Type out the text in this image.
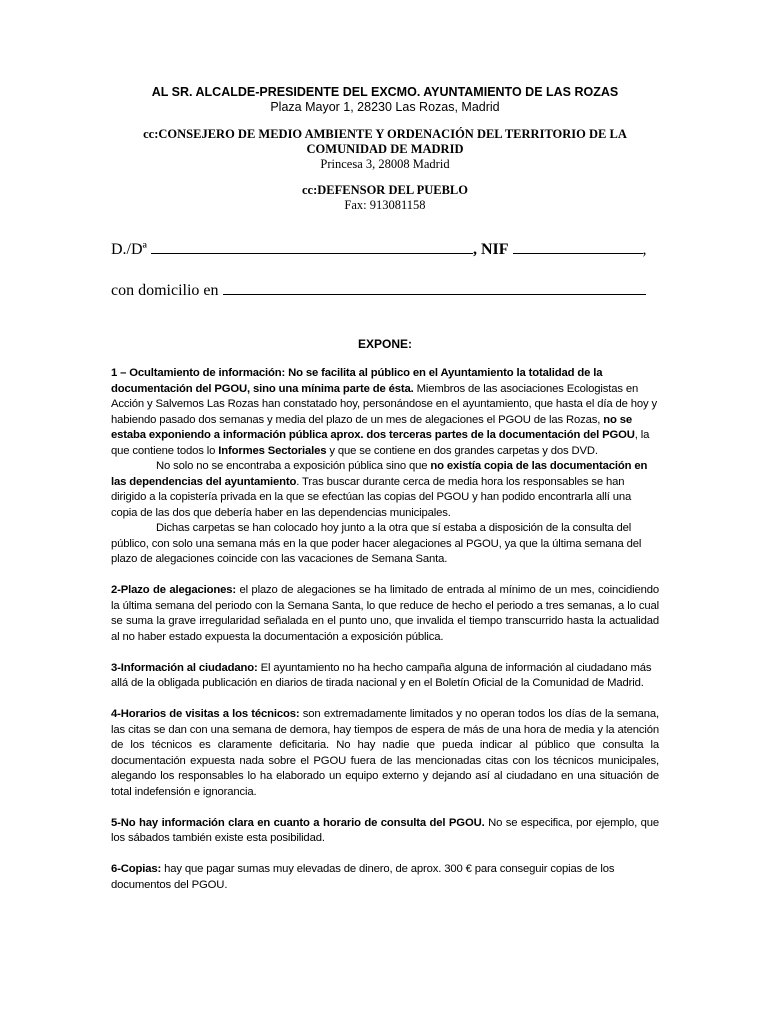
AL SR. ALCALDE-PRESIDENTE DEL EXCMO. AYUNTAMIENTO DE LAS ROZAS

Plaza Mayor 1, 28230 Las Rozas, Madrid

cc:CONSEJERO DE MEDIO AMBIENTE Y ORDENACIÓN DEL TERRITORIO DE LA

COMUNIDAD DE MADRID

Princesa 3, 28008 Madrid

cc:DEFENSOR DEL PUEBLO

Fax: 913081158

D./Dª	, NIF	,
con domicilio en
EXPONE:

1 – Ocultamiento de información: No se facilita al público en el Ayuntamiento la totalidad de la documentación del PGOU, sino una mínima parte de ésta. Miembros de las asociaciones Ecologistas en Acción y Salvemos Las Rozas han constatado hoy, personándose en el ayuntamiento, que hasta el día de hoy y habiendo pasado dos semanas y media del plazo de un mes de alegaciones el PGOU de las Rozas, no se estaba exponiendo a información pública aprox. dos terceras partes de la documentación del PGOU, la que contiene todos lo Informes Sectoriales y que se contiene en dos grandes carpetas y dos DVD.

No solo no se encontraba a exposición pública sino que no existía copia de las documentación en las dependencias del ayuntamiento. Tras buscar durante cerca de media hora los responsables se han dirigido a la copistería privada en la que se efectúan las copias del PGOU y han podido encontrarla allí una copia de las dos que debería haber en las dependencias municipales.

Dichas carpetas se han colocado hoy junto a la otra que sí estaba a disposición de la consulta del público, con solo una semana más en la que poder hacer alegaciones al PGOU, ya que la última semana del plazo de alegaciones coincide con las vacaciones de Semana Santa.

2-Plazo de alegaciones: el plazo de alegaciones se ha limitado de entrada al mínimo de un mes, coincidiendo la última semana del periodo con la Semana Santa, lo que reduce de hecho el periodo a tres semanas, a lo cual se suma la grave irregularidad señalada en el punto uno, que invalida el tiempo transcurrido hasta la actualidad al no haber estado expuesta la documentación a exposición pública.

3-Información al ciudadano: El ayuntamiento no ha hecho campaña alguna de información al ciudadano más allá de la obligada publicación en diarios de tirada nacional y en el Boletín Oficial de la Comunidad de Madrid.

4-Horarios de visitas a los técnicos: son extremadamente limitados y no operan todos los días de la semana, las citas se dan con una semana de demora, hay tiempos de espera de más de una hora de media y la atención de los técnicos es claramente deficitaria. No hay nadie que pueda indicar al público que consulta la documentación expuesta nada sobre el PGOU fuera de las mencionadas citas con los técnicos municipales, alegando los responsables lo ha elaborado un equipo externo y dejando así al ciudadano en una situación de total indefensión e ignorancia.

5-No hay información clara en cuanto a horario de consulta del PGOU. No se especifica, por ejemplo, que los sábados también existe esta posibilidad.

6-Copias: hay que pagar sumas muy elevadas de dinero, de aprox. 300 € para conseguir copias de los documentos del PGOU.
